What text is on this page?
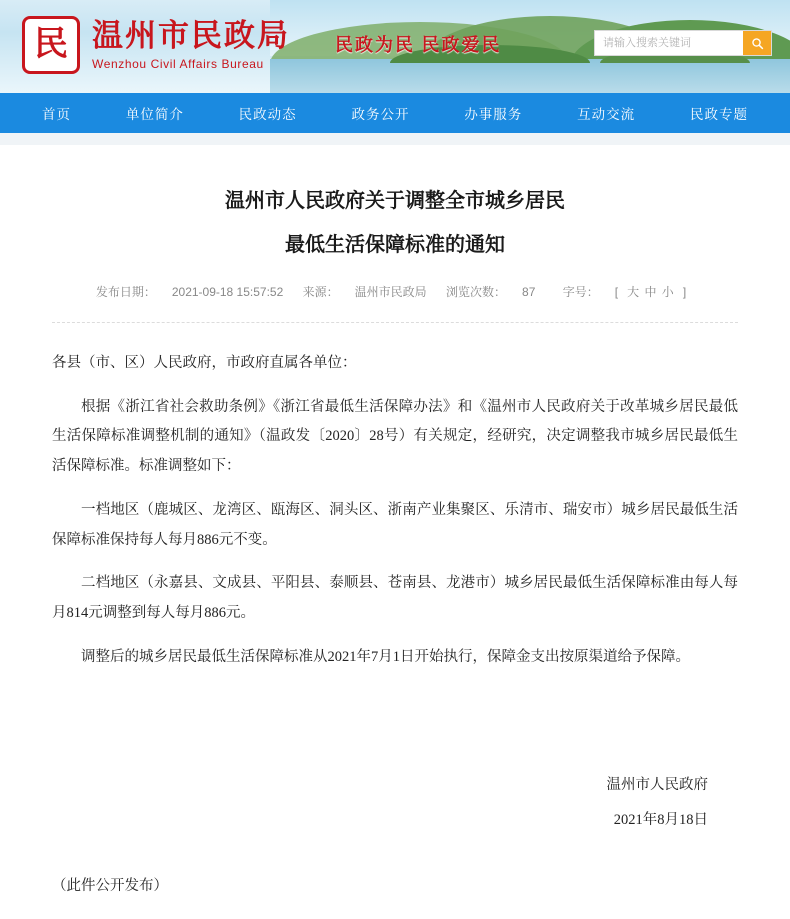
民 温州市民政局
Wenzhou Civil Affairs Bureau
民政为民 民政爱民
请输入搜索关键词
首页	单位简介	民政动态	政务公开	办事服务	互动交流	民政专题
温州市人民政府关于调整全市城乡居民
最低生活保障标准的通知
发布日期： 2021-09-18 15:57:52 来源： 温州市民政局 浏览次数： 87 字号： [ 大 中 小 ]

各县（市、区）人民政府，市政府直属各单位：

根据《浙江省社会救助条例》《浙江省最低生活保障办法》和《温州市人民政府关于改革城乡居民最低生活保障标准调整机制的通知》（温政发〔2020〕28号）有关规定，经研究，决定调整我市城乡居民最低生活保障标准。标准调整如下：

一档地区（鹿城区、龙湾区、瓯海区、洞头区、浙南产业集聚区、乐清市、瑞安市）城乡居民最低生活保障标准保持每人每月886元不变。

二档地区（永嘉县、文成县、平阳县、泰顺县、苍南县、龙港市）城乡居民最低生活保障标准由每人每月814元调整到每人每月886元。

调整后的城乡居民最低生活保障标准从2021年7月1日开始执行，保障金支出按原渠道给予保障。

温州市人民政府
2021年8月18日
（此件公开发布）
